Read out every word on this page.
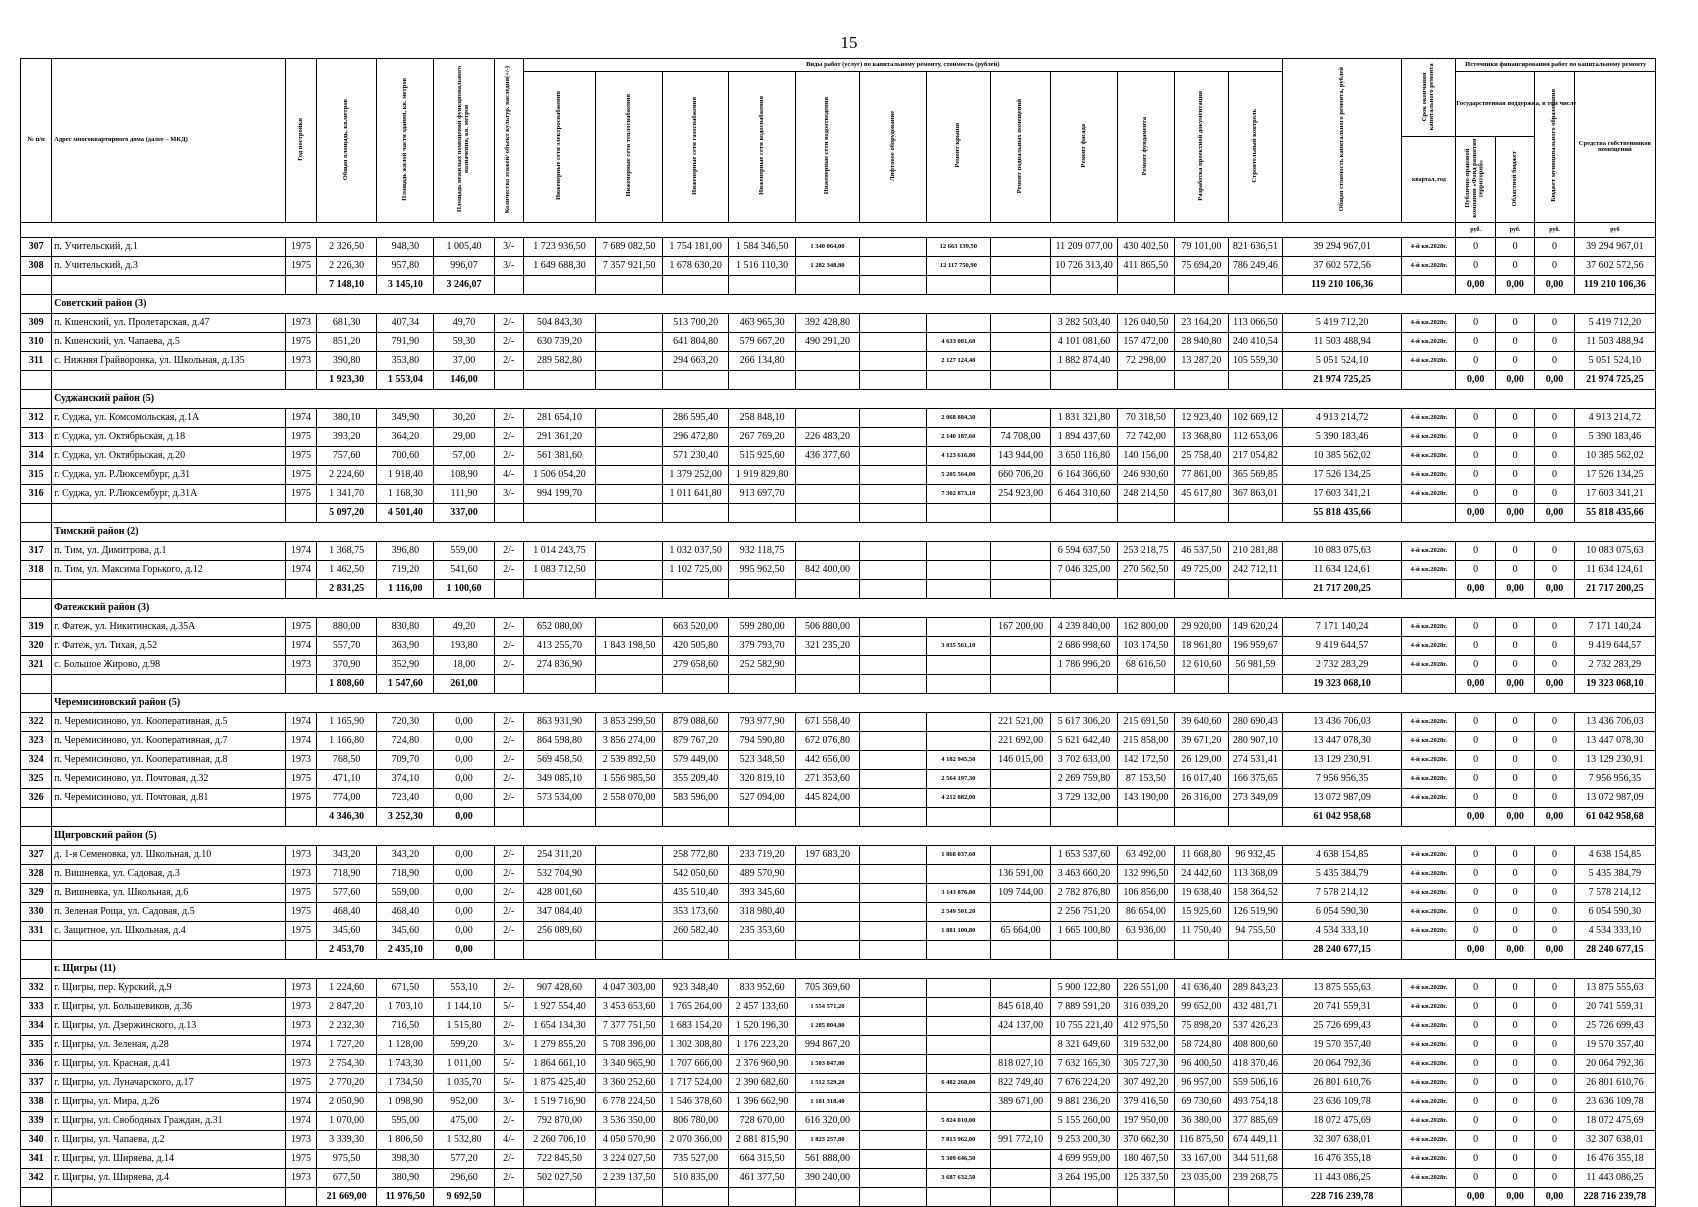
15
№ п/п	Адрес многоквартирного дома (далее – МКД)	Год постройки	Общая площадь, кв.метров	Площадь жилой части здания, кв. метров	Площадь нежилых помещений функционального назначения, кв. метров	Количество этажей/ объект культур. наследия(+/-)	Виды работ (услуг) по капитальному ремонту, стоимость (рублей)												Общая стоимость капитального ремонта, рублей	Срок окончания капитального ремонта	Источники финансирования работ по капитальному ремонту			
							Инженерные сети электроснабжения	Инженерные сети теплоснабжения	Инженерные сети газоснабжения	Инженерные сети водоснабжения	Инженерные сети водоотведения	Лифтовое оборудование	Ремонт крыши	Ремонт подвальных помещений	Ремонт фасада	Ремонт фундамента	Разработка проектной документации	Строительный контроль			Государственная поддержка, в том числе		Бюджет муниципального образования	Средства собственников помещений

																				квартал, год	Публично-правовой компании «Фонд развития территорий»	Областной бюджет		
																					руб.	руб.	руб.	руб
307	п. Учительский, д.1	1975	2 326,50	948,30	1 005,40	3/-	1 723 936,50	7 689 082,50	1 754 181,00	1 584 346,50	1 340 064,00		12 663 139,50		11 209 077,00	430 402,50	79 101,00	821 636,51	39 294 967,01	4-й кв.2028г.	0	0	0	39 294 967,01
308	п. Учительский, д.3	1975	2 226,30	957,80	996,07	3/-	1 649 688,30	7 357 921,50	1 678 630,20	1 516 110,30	1 282 348,80		12 117 750,90		10 726 313,40	411 865,50	75 694,20	786 249,46	37 602 572,56	4-й кв.2028г.	0	0	0	37 602 572,56
			7 148,10	3 145,10	3 246,07														119 210 106,36		0,00	0,00	0,00	119 210 106,36
	Советский район (3)																							
309	п. Кшенский, ул. Пролетарская, д.47	1973	681,30	407,34	49,70	2/-	504 843,30		513 700,20	463 965,30	392 428,80				3 282 503,40	126 040,50	23 164,20	113 066,50	5 419 712,20	4-й кв.2028г.	0	0	0	5 419 712,20
310	п. Кшенский, ул. Чапаева, д.5	1975	851,20	791,90	59,30	2/-	630 739,20		641 804,80	579 667,20	490 291,20		4 633 081,60		4 101 081,60	157 472,00	28 940,80	240 410,54	11 503 488,94	4-й кв.2028г.	0	0	0	11 503 488,94
311	с. Нижняя Грайворонка, ул. Школьная, д.135	1973	390,80	353,80	37,00	2/-	289 582,80		294 663,20	266 134,80			2 127 124,40		1 882 874,40	72 298,00	13 287,20	105 559,30	5 051 524,10	4-й кв.2028г.	0	0	0	5 051 524,10
			1 923,30	1 553,04	146,00														21 974 725,25		0,00	0,00	0,00	21 974 725,25
	Суджанский район (5)																							
312	г. Суджа, ул. Комсомольская, д.1А	1974	380,10	349,90	30,20	2/-	281 654,10		286 595,40	258 848,10			2 068 884,30		1 831 321,80	70 318,50	12 923,40	102 669,12	4 913 214,72	4-й кв.2028г.	0	0	0	4 913 214,72
313	г. Суджа, ул. Октябрьская, д.18	1975	393,20	364,20	29,00	2/-	291 361,20		296 472,80	267 769,20	226 483,20		2 140 187,60	74 708,00	1 894 437,60	72 742,00	13 368,80	112 653,06	5 390 183,46	4-й кв.2028г.	0	0	0	5 390 183,46
314	г. Суджа, ул. Октябрьская, д.20	1975	757,60	700,60	57,00	2/-	561 381,60		571 230,40	515 925,60	436 377,60		4 123 616,80	143 944,00	3 650 116,80	140 156,00	25 758,40	217 054,82	10 385 562,02	4-й кв.2028г.	0	0	0	10 385 562,02
315	г. Суджа, ул. Р.Люксембург, д.31	1975	2 224,60	1 918,40	108,90	4/-	1 506 054,20		1 379 252,00	1 919 829,80			5 205 564,00	660 706,20	6 164 366,60	246 930,60	77 861,00	365 569,85	17 526 134,25	4-й кв.2028г.	0	0	0	17 526 134,25
316	г. Суджа, ул. Р.Люксембург, д.31А	1975	1 341,70	1 168,30	111,90	3/-	994 199,70		1 011 641,80	913 697,70			7 302 873,10	254 923,00	6 464 310,60	248 214,50	45 617,80	367 863,01	17 603 341,21	4-й кв.2028г.	0	0	0	17 603 341,21
			5 097,20	4 501,40	337,00														55 818 435,66		0,00	0,00	0,00	55 818 435,66
	Тимский район (2)																							
317	п. Тим, ул. Димитрова, д.1	1974	1 368,75	396,80	559,00	2/-	1 014 243,75		1 032 037,50	932 118,75					6 594 637,50	253 218,75	46 537,50	210 281,88	10 083 075,63	4-й кв.2028г.	0	0	0	10 083 075,63
318	п. Тим, ул. Максима Горького, д.12	1974	1 462,50	719,20	541,60	2/-	1 083 712,50		1 102 725,00	995 962,50	842 400,00				7 046 325,00	270 562,50	49 725,00	242 712,11	11 634 124,61	4-й кв.2028г.	0	0	0	11 634 124,61
			2 831,25	1 116,00	1 100,60														21 717 200,25		0,00	0,00	0,00	21 717 200,25
	Фатежский район (3)																							
319	г. Фатеж, ул. Никитинская, д.35А	1975	880,00	830,80	49,20	2/-	652 080,00		663 520,00	599 280,00	506 880,00			167 200,00	4 239 840,00	162 800,00	29 920,00	149 620,24	7 171 140,24	4-й кв.2028г.	0	0	0	7 171 140,24
320	г. Фатеж, ул. Тихая, д.52	1974	557,70	363,90	193,80	2/-	413 255,70	1 843 198,50	420 505,80	379 793,70	321 235,20		3 035 561,10		2 686 998,60	103 174,50	18 961,80	196 959,67	9 419 644,57	4-й кв.2028г.	0	0	0	9 419 644,57
321	с. Большое Жирово, д.98	1973	370,90	352,90	18,00	2/-	274 836,90		279 658,60	252 582,90					1 786 996,20	68 616,50	12 610,60	56 981,59	2 732 283,29	4-й кв.2028г.	0	0	0	2 732 283,29
			1 808,60	1 547,60	261,00														19 323 068,10		0,00	0,00	0,00	19 323 068,10
	Черемисиновский район (5)																							
322	п. Черемисиново, ул. Кооперативная, д.5	1974	1 165,90	720,30	0,00	2/-	863 931,90	3 853 299,50	879 088,60	793 977,90	671 558,40			221 521,00	5 617 306,20	215 691,50	39 640,60	280 690,43	13 436 706,03	4-й кв.2028г.	0	0	0	13 436 706,03
323	п. Черемисиново, ул. Кооперативная, д.7	1974	1 166,80	724,80	0,00	2/-	864 598,80	3 856 274,00	879 767,20	794 590,80	672 076,80			221 692,00	5 621 642,40	215 858,00	39 671,20	280 907,10	13 447 078,30	4-й кв.2028г.	0	0	0	13 447 078,30
324	п. Черемисиново, ул. Кооперативная, д.8	1973	768,50	709,70	0,00	2/-	569 458,50	2 539 892,50	579 449,00	523 348,50	442 656,00		4 182 945,50	146 015,00	3 702 633,00	142 172,50	26 129,00	274 531,41	13 129 230,91	4-й кв.2028г.	0	0	0	13 129 230,91
325	п. Черемисиново, ул. Почтовая, д.32	1975	471,10	374,10	0,00	2/-	349 085,10	1 556 985,50	355 209,40	320 819,10	271 353,60		2 564 197,30		2 269 759,80	87 153,50	16 017,40	166 375,65	7 956 956,35	4-й кв.2028г.	0	0	0	7 956 956,35
326	п. Черемисиново, ул. Почтовая, д.81	1975	774,00	723,40	0,00	2/-	573 534,00	2 558 070,00	583 596,00	527 094,00	445 824,00		4 212 882,00		3 729 132,00	143 190,00	26 316,00	273 349,09	13 072 987,09	4-й кв.2028г.	0	0	0	13 072 987,09
			4 346,30	3 252,30	0,00														61 042 958,68		0,00	0,00	0,00	61 042 958,68
	Щигровский район (5)																							
327	д. 1-я Семеновка, ул. Школьная, д.10	1973	343,20	343,20	0,00	2/-	254 311,20		258 772,80	233 719,20	197 683,20		1 868 037,60		1 653 537,60	63 492,00	11 668,80	96 932,45	4 638 154,85	4-й кв.2028г.	0	0	0	4 638 154,85
328	п. Вишневка, ул. Садовая, д.3	1973	718,90	718,90	0,00	2/-	532 704,90		542 050,60	489 570,90				136 591,00	3 463 660,20	132 996,50	24 442,60	113 368,09	5 435 384,79	4-й кв.2028г.	0	0	0	5 435 384,79
329	п. Вишневка, ул. Школьная, д.6	1975	577,60	559,00	0,00	2/-	428 001,60		435 510,40	393 345,60			3 143 876,80	109 744,00	2 782 876,80	106 856,00	19 638,40	158 364,52	7 578 214,12	4-й кв.2028г.	0	0	0	7 578 214,12
330	п. Зеленая Роща, ул. Садовая, д.5	1975	468,40	468,40	0,00	2/-	347 084,40		353 173,60	318 980,40			2 549 501,20		2 256 751,20	86 654,00	15 925,60	126 519,90	6 054 590,30	4-й кв.2028г.	0	0	0	6 054 590,30
331	с. Защитное, ул. Школьная, д.4	1975	345,60	345,60	0,00	2/-	256 089,60		260 582,40	235 353,60			1 881 100,80	65 664,00	1 665 100,80	63 936,00	11 750,40	94 755,50	4 534 333,10	4-й кв.2028г.	0	0	0	4 534 333,10
			2 453,70	2 435,10	0,00														28 240 677,15		0,00	0,00	0,00	28 240 677,15
	г. Щигры (11)																							
332	г. Щигры, пер. Курский, д.9	1973	1 224,60	671,50	553,10	2/-	907 428,60	4 047 303,00	923 348,40	833 952,60	705 369,60				5 900 122,80	226 551,00	41 636,40	289 843,23	13 875 555,63	4-й кв.2028г.	0	0	0	13 875 555,63
333	г. Щигры, ул. Большевиков, д.36	1973	2 847,20	1 703,10	1 144,10	5/-	1 927 554,40	3 453 653,60	1 765 264,00	2 457 133,60	1 554 571,20			845 618,40	7 889 591,20	316 039,20	99 652,00	432 481,71	20 741 559,31	4-й кв.2028г.	0	0	0	20 741 559,31
334	г. Щигры, ул. Дзержинского, д.13	1973	2 232,30	716,50	1 515,80	2/-	1 654 134,30	7 377 751,50	1 683 154,20	1 520 196,30	1 285 804,80			424 137,00	10 755 221,40	412 975,50	75 898,20	537 426,23	25 726 699,43	4-й кв.2028г.	0	0	0	25 726 699,43
335	г. Щигры, ул. Зеленая, д.28	1974	1 727,20	1 128,00	599,20	3/-	1 279 855,20	5 708 396,00	1 302 308,80	1 176 223,20	994 867,20				8 321 649,60	319 532,00	58 724,80	408 800,60	19 570 357,40	4-й кв.2028г.	0	0	0	19 570 357,40
336	г. Щигры, ул. Красная, д.41	1973	2 754,30	1 743,30	1 011,00	5/-	1 864 661,10	3 340 965,90	1 707 666,00	2 376 960,90	1 503 847,80			818 027,10	7 632 165,30	305 727,30	96 400,50	418 370,46	20 064 792,36	4-й кв.2028г.	0	0	0	20 064 792,36
337	г. Щигры, ул. Луначарского, д.17	1975	2 770,20	1 734,50	1 035,70	5/-	1 875 425,40	3 360 252,60	1 717 524,00	2 390 682,60	1 512 529,20		6 482 268,00	822 749,40	7 676 224,20	307 492,20	96 957,00	559 506,16	26 801 610,76	4-й кв.2028г.	0	0	0	26 801 610,76
338	г. Щигры, ул. Мира, д.26	1974	2 050,90	1 098,90	952,00	3/-	1 519 716,90	6 778 224,50	1 546 378,60	1 396 662,90	1 181 318,40			389 671,00	9 881 236,20	379 416,50	69 730,60	493 754,18	23 636 109,78	4-й кв.2028г.	0	0	0	23 636 109,78
339	г. Щигры, ул. Свободных Граждан, д.31	1974	1 070,00	595,00	475,00	2/-	792 870,00	3 536 350,00	806 780,00	728 670,00	616 320,00		5 824 010,00		5 155 260,00	197 950,00	36 380,00	377 885,69	18 072 475,69	4-й кв.2028г.	0	0	0	18 072 475,69
340	г. Щигры, ул. Чапаева, д.2	1973	3 339,30	1 806,50	1 532,80	4/-	2 260 706,10	4 050 570,90	2 070 366,00	2 881 815,90	1 823 257,80		7 813 962,00	991 772,10	9 253 200,30	370 662,30	116 875,50	674 449,11	32 307 638,01	4-й кв.2028г.	0	0	0	32 307 638,01
341	г. Щигры, ул. Ширяева, д.14	1975	975,50	398,30	577,20	2/-	722 845,50	3 224 027,50	735 527,00	664 315,50	561 888,00		5 309 646,50		4 699 959,00	180 467,50	33 167,00	344 511,68	16 476 355,18	4-й кв.2028г.	0	0	0	16 476 355,18
342	г. Щигры, ул. Ширяева, д.4	1973	677,50	380,90	296,60	2/-	502 027,50	2 239 137,50	510 835,00	461 377,50	390 240,00		3 687 632,50		3 264 195,00	125 337,50	23 035,00	239 268,75	11 443 086,25	4-й кв.2028г.	0	0	0	11 443 086,25
			21 669,00	11 976,50	9 692,50														228 716 239,78		0,00	0,00	0,00	228 716 239,78
